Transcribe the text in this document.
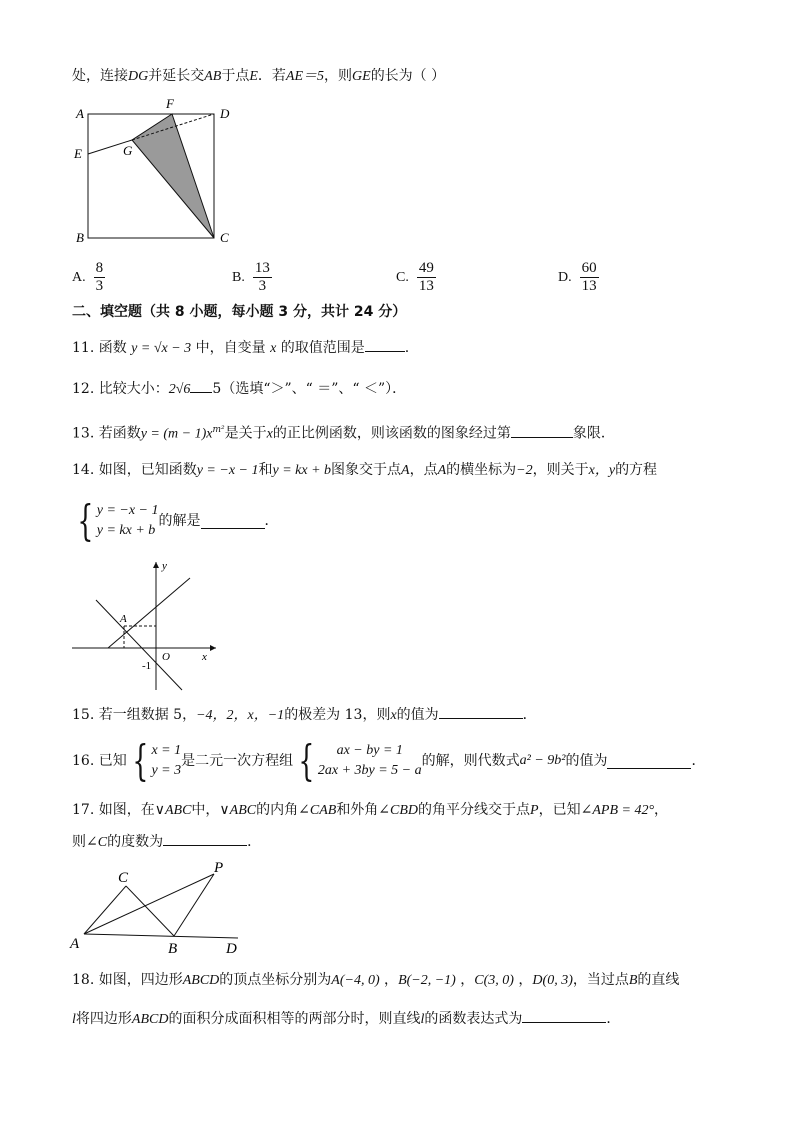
处，连接DG并延长交AB于点E．若AE＝5，则GE的长为（ ）
A
F
D
E	G
B	C
A. $\frac{8}{3}$	B. $\frac{13}{3}$	C. $\frac{49}{13}$	D. $\frac{60}{13}$
二、填空题（共 8 小题，每小题 3 分，共计 24 分）
11. 函数 y = √x − 3 中，自变量 x 的取值范围是	.
12. 比较大小：2√6 5（选填“＞”、“ ＝”、“ ＜”）．
13. 若函数$y = (m - 1)x^{m^2}$是关于x的正比例函数，则该函数的图象经过第	象限．
14. 如图，已知函数y = −x − 1和y = kx + b图象交于点A，点A的横坐标为−2，则关于x，y的方程
{ y = −x − 1
y = kx + b
的解是	．
y
A
O	x
-1
15. 若一组数据 5，−4，2，x，−1的极差为 13，则x的值为	．
16. 已知 { x = 1
y = 3
是二元一次方程组 {	ax − by = 1
2ax + 3by = 5 − a
的解，则代数式a² − 9b²的值为	．
17. 如图，在∨ABC中，∨ABC的内角∠CAB和外角∠CBD的角平分线交于点P，已知∠APB = 42°，
则∠C的度数为	．
C
P
A	B	D
18. 如图，四边形ABCD的顶点坐标分别为A(−4, 0) ，B(−2, −1) ，C(3, 0) ，D(0, 3)，当过点B的直线
l将四边形ABCD的面积分成面积相等的两部分时，则直线l的函数表达式为	．
